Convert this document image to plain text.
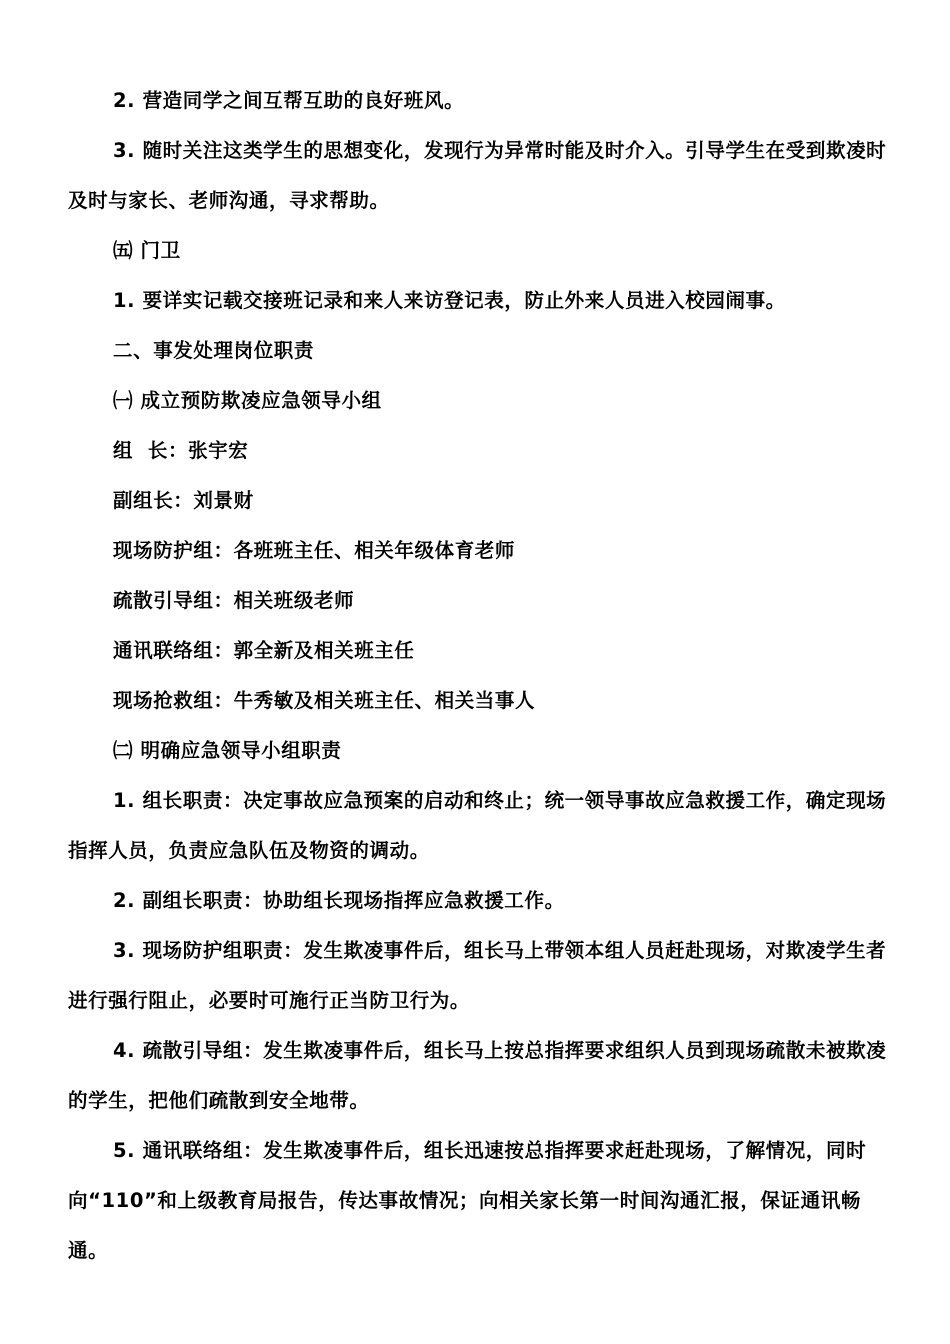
2. 营造同学之间互帮互助的良好班风。

3. 随时关注这类学生的思想变化，发现行为异常时能及时介入。引导学生在受到欺凌时及时与家长、老师沟通，寻求帮助。

㈤ 门卫

1. 要详实记载交接班记录和来人来访登记表，防止外来人员进入校园闹事。

二、事发处理岗位职责

㈠ 成立预防欺凌应急领导小组

组  长：张宇宏

副组长：刘景财

现场防护组：各班班主任、相关年级体育老师

疏散引导组：相关班级老师

通讯联络组：郭全新及相关班主任

现场抢救组：牛秀敏及相关班主任、相关当事人

㈡ 明确应急领导小组职责

1. 组长职责：决定事故应急预案的启动和终止；统一领导事故应急救援工作，确定现场指挥人员，负责应急队伍及物资的调动。

2. 副组长职责：协助组长现场指挥应急救援工作。

3. 现场防护组职责：发生欺凌事件后，组长马上带领本组人员赶赴现场，对欺凌学生者进行强行阻止，必要时可施行正当防卫行为。

4. 疏散引导组：发生欺凌事件后，组长马上按总指挥要求组织人员到现场疏散未被欺凌的学生，把他们疏散到安全地带。

5. 通讯联络组：发生欺凌事件后，组长迅速按总指挥要求赶赴现场，了解情况，同时向“110”和上级教育局报告，传达事故情况；向相关家长第一时间沟通汇报，保证通讯畅通。
